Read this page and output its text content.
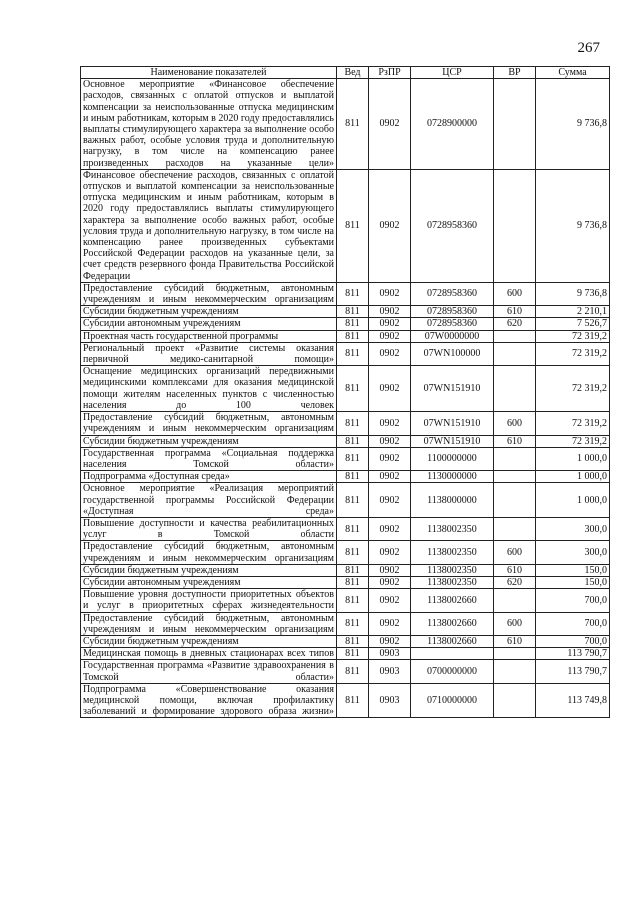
267
Наименование показателей	Вед	РзПР	ЦСР	ВР	Сумма
Основное мероприятие «Финансовое обеспечение расходов, связанных с оплатой отпусков и выплатой компенсации за неиспользованные отпуска медицинским и иным работникам, которым в 2020 году предоставлялись выплаты стимулирующего характера за выполнение особо важных работ, особые условия труда и дополнительную нагрузку, в том числе на компенсацию ранее произведенных расходов на указанные цели»	811	0902	0728900000		9 736,8
Финансовое обеспечение расходов, связанных с оплатой отпусков и выплатой компенсации за неиспользованные отпуска медицинским и иным работникам, которым в 2020 году предоставлялись выплаты стимулирующего характера за выполнение особо важных работ, особые условия труда и дополнительную нагрузку, в том числе на компенсацию ранее произведенных субъектами Российской Федерации расходов на указанные цели, за счет средств резервного фонда Правительства Российской Федерации	811	0902	0728958360		9 736,8
Предоставление субсидий бюджетным, автономным учреждениям и иным некоммерческим организациям	811	0902	0728958360	600	9 736,8
Субсидии бюджетным учреждениям	811	0902	0728958360	610	2 210,1
Субсидии автономным учреждениям	811	0902	0728958360	620	7 526,7
Проектная часть государственной программы	811	0902	07W0000000		72 319,2
Региональный проект «Развитие системы оказания первичной медико-санитарной помощи»	811	0902	07WN100000		72 319,2
Оснащение медицинских организаций передвижными медицинскими комплексами для оказания медицинской помощи жителям населенных пунктов с численностью населения до 100 человек	811	0902	07WN151910		72 319,2
Предоставление субсидий бюджетным, автономным учреждениям и иным некоммерческим организациям	811	0902	07WN151910	600	72 319,2
Субсидии бюджетным учреждениям	811	0902	07WN151910	610	72 319,2
Государственная программа «Социальная поддержка населения Томской области»	811	0902	1100000000		1 000,0
Подпрограмма «Доступная среда»	811	0902	1130000000		1 000,0
Основное мероприятие «Реализация мероприятий государственной программы Российской Федерации «Доступная среда»	811	0902	1138000000		1 000,0
Повышение доступности и качества реабилитационных услуг в Томской области	811	0902	1138002350		300,0
Предоставление субсидий бюджетным, автономным учреждениям и иным некоммерческим организациям	811	0902	1138002350	600	300,0
Субсидии бюджетным учреждениям	811	0902	1138002350	610	150,0
Субсидии автономным учреждениям	811	0902	1138002350	620	150,0
Повышение уровня доступности приоритетных объектов и услуг в приоритетных сферах жизнедеятельности	811	0902	1138002660		700,0
Предоставление субсидий бюджетным, автономным учреждениям и иным некоммерческим организациям	811	0902	1138002660	600	700,0
Субсидии бюджетным учреждениям	811	0902	1138002660	610	700,0
Медицинская помощь в дневных стационарах всех типов	811	0903			113 790,7
Государственная программа «Развитие здравоохранения в Томской области»	811	0903	0700000000		113 790,7
Подпрограмма «Совершенствование оказания медицинской помощи, включая профилактику заболеваний и формирование здорового образа жизни»	811	0903	0710000000		113 749,8
